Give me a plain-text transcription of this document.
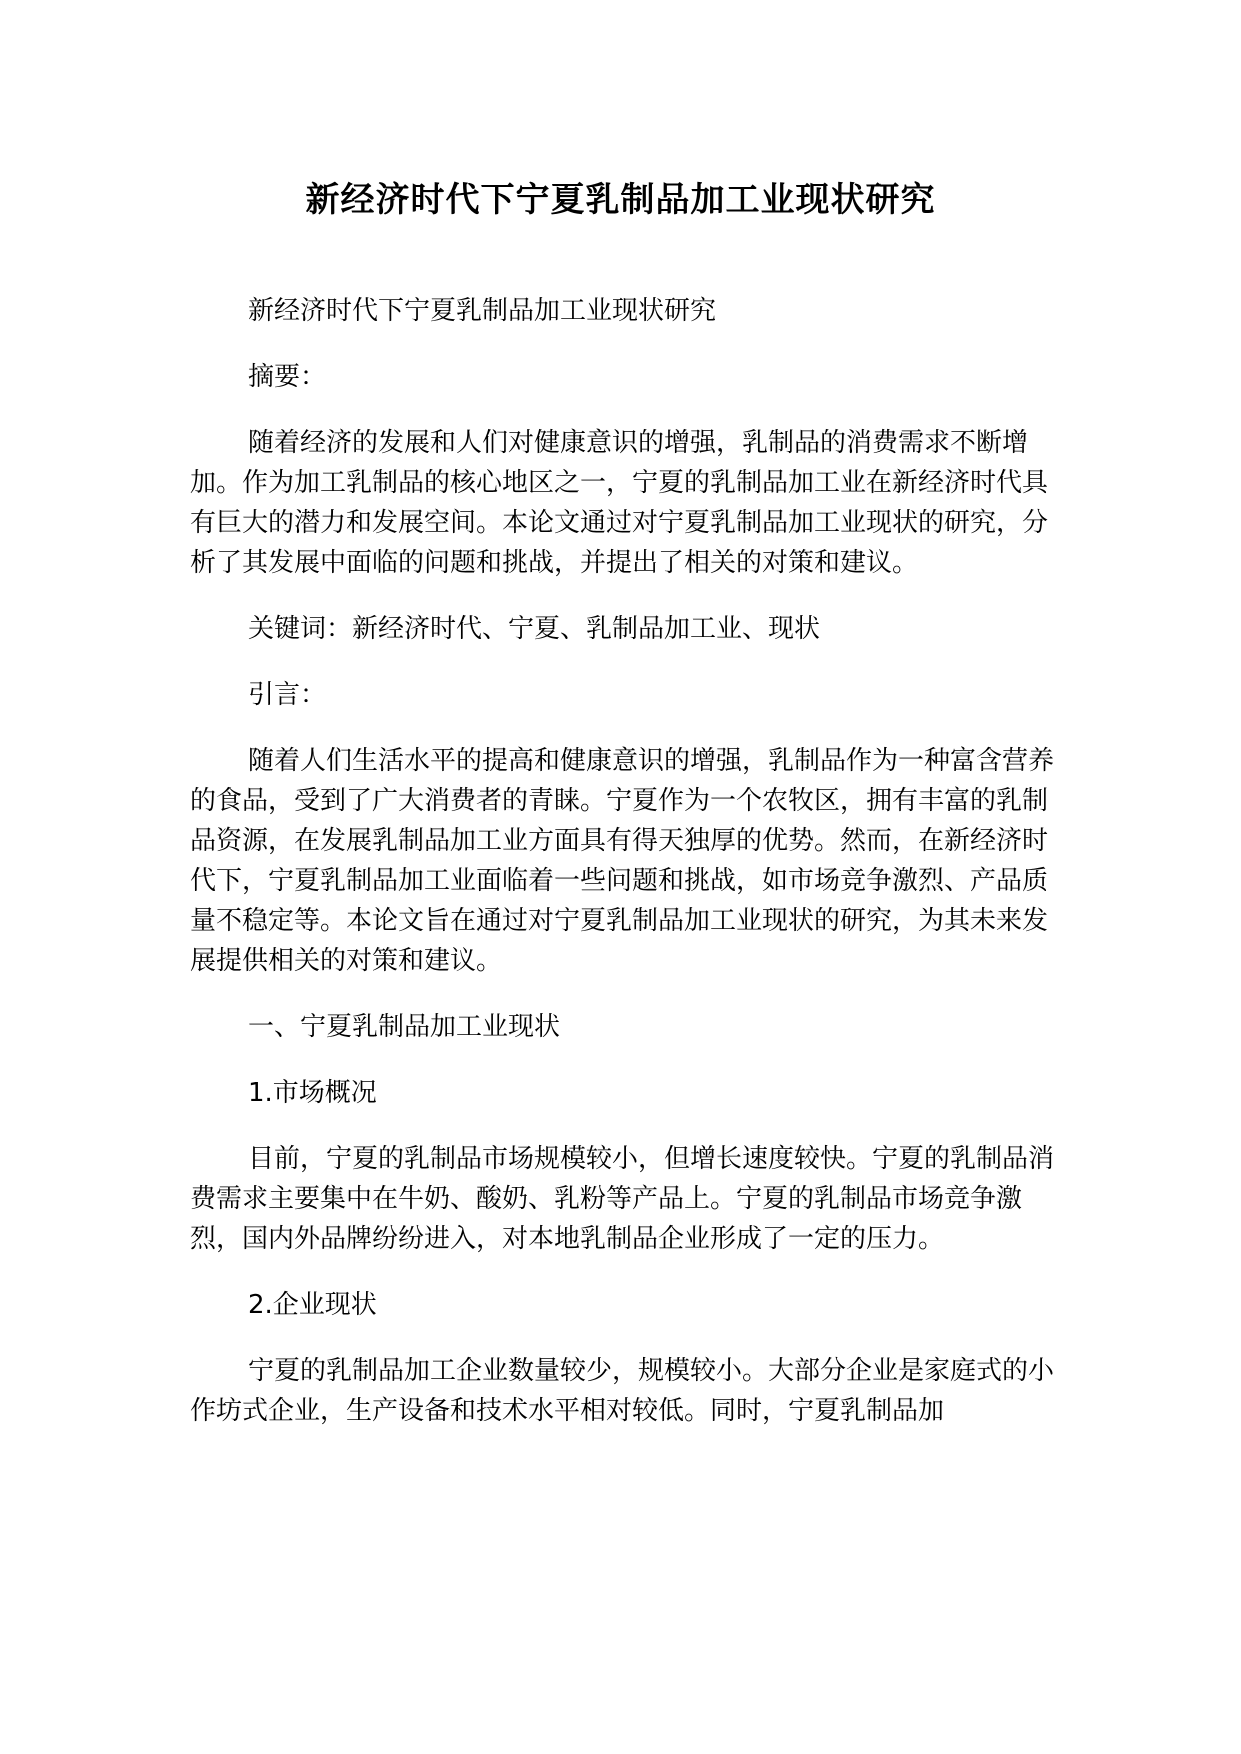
新经济时代下宁夏乳制品加工业现状研究

新经济时代下宁夏乳制品加工业现状研究

摘要：

随着经济的发展和人们对健康意识的增强，乳制品的消费需求不断增加。作为加工乳制品的核心地区之一，宁夏的乳制品加工业在新经济时代具有巨大的潜力和发展空间。本论文通过对宁夏乳制品加工业现状的研究，分析了其发展中面临的问题和挑战，并提出了相关的对策和建议。

关键词：新经济时代、宁夏、乳制品加工业、现状

引言：

随着人们生活水平的提高和健康意识的增强，乳制品作为一种富含营养的食品，受到了广大消费者的青睐。宁夏作为一个农牧区，拥有丰富的乳制品资源，在发展乳制品加工业方面具有得天独厚的优势。然而，在新经济时代下，宁夏乳制品加工业面临着一些问题和挑战，如市场竞争激烈、产品质量不稳定等。本论文旨在通过对宁夏乳制品加工业现状的研究，为其未来发展提供相关的对策和建议。

一、宁夏乳制品加工业现状

1.市场概况

目前，宁夏的乳制品市场规模较小，但增长速度较快。宁夏的乳制品消费需求主要集中在牛奶、酸奶、乳粉等产品上。宁夏的乳制品市场竞争激烈，国内外品牌纷纷进入，对本地乳制品企业形成了一定的压力。

2.企业现状

宁夏的乳制品加工企业数量较少，规模较小。大部分企业是家庭式的小作坊式企业，生产设备和技术水平相对较低。同时，宁夏乳制品加
